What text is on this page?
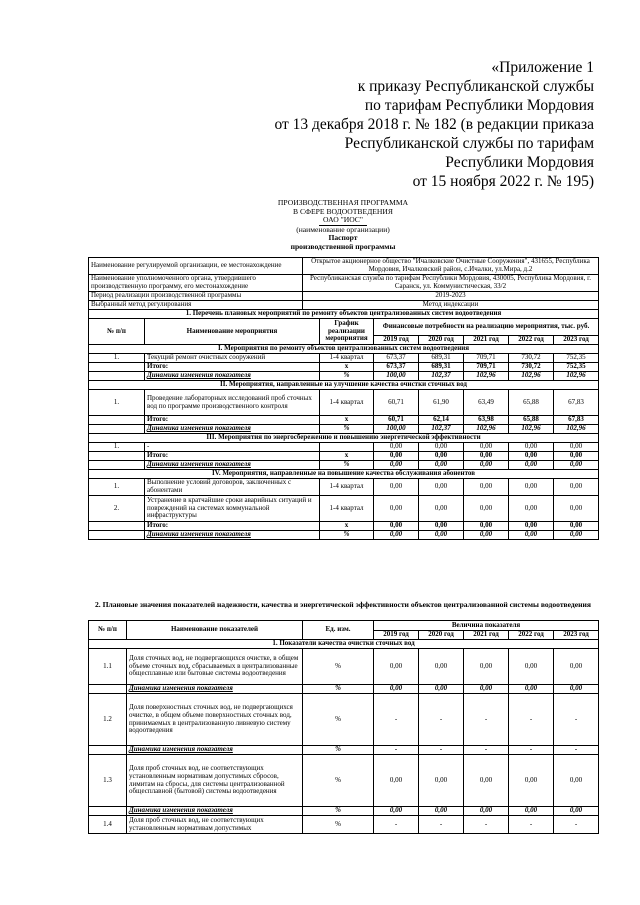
«Приложение 1
к приказу Республиканской службы
по тарифам Республики Мордовия
от 13 декабря 2018 г. № 182 (в редакции приказа
Республиканской службы по тарифам
Республики Мордовия
от 15 ноября 2022 г. № 195)
ПРОИЗВОДСТВЕННАЯ ПРОГРАММА
В СФЕРЕ ВОДООТВЕДЕНИЯ
ОАО "ИОС"
(наименование организации)
Паспорт
производственной программы
Наименование регулируемой организации, ее местонахождение	Открытое акционерное общество "Ичалковские Очистные Сооружения", 431655, Республика Мордовия, Ичалковский район, с.Ичалки, ул.Мира, д.2
Наименование уполномоченного органа, утвердившего производственную программу, его местонахождение	Республиканская служба по тарифам Республики Мордовия, 430005, Республика Мордовия, г. Саранск, ул. Коммунистическая, 33/2
Период реализации производственной программы	2019-2023
Выбранный метод регулирования	Метод индексации
1. Перечень плановых мероприятий по ремонту объектов централизованных систем водоотведения							
№ п/п	Наименование мероприятия	График реализации мероприятия	Финансовые потребности на реализацию мероприятия, тыс. руб.				
			2019 год	2020 год	2021 год	2022 год	2023 год
I. Мероприятия по ремонту объектов централизованных систем водоотведения							
1.	Текущий ремонт очистных сооружений	1-4 квартал	673,37	689,31	709,71	730,72	752,35
	Итого:	х	673,37	689,31	709,71	730,72	752,35
	Динамика изменения показателя	%	100,00	102,37	102,96	102,96	102,96
II. Мероприятия, направленные на улучшение качества очистки сточных вод							
1.	Проведение лабораторных исследований проб сточных вод по программе производственного контроля	1-4 квартал	60,71	61,90	63,49	65,88	67,83
	Итого:	х	60,71	62,14	63,98	65,88	67,83
	Динамика изменения показателя	%	100,00	102,37	102,96	102,96	102,96
III. Мероприятия по энергосбережению и повышению энергетической эффективности							
1.	-		0,00	0,00	0,00	0,00	0,00
	Итого:	х	0,00	0,00	0,00	0,00	0,00
	Динамика изменения показателя	%	0,00	0,00	0,00	0,00	0,00
IV. Мероприятия, направленные на повышение качества обслуживания абонентов							
1.	Выполнение условий договоров, заключенных с абонентами	1-4 квартал	0,00	0,00	0,00	0,00	0,00
2.	Устранение в кратчайшие сроки аварийных ситуаций и повреждений на системах коммунальной инфраструктуры	1-4 квартал	0,00	0,00	0,00	0,00	0,00
	Итого:	х	0,00	0,00	0,00	0,00	0,00
	Динамика изменения показателя	%	0,00	0,00	0,00	0,00	0,00
2. Плановые значения показателей надежности, качества и энергетической эффективности объектов централизованной системы водоотведения
№ п/п	Наименование показателей	Ед. изм.	Величина показателя				
			2019 год	2020 год	2021 год	2022 год	2023 год
1. Показатели качества очистки сточных вод							
1.1	Доля сточных вод, не подвергающихся очистке, в общем объеме сточных вод, сбрасываемых в централизованные общесплавные или бытовые системы водоотведения	%	0,00	0,00	0,00	0,00	0,00
	Динамика изменения показателя	%	0,00	0,00	0,00	0,00	0,00
1.2	Доля поверхностных сточных вод, не подвергающихся очистке, в общем объеме поверхностных сточных вод, принимаемых в централизованную ливневую систему водоотведения	%	-	-	-	-	-
	Динамика изменения показателя	%	-	-	-	-	-
1.3	Доля проб сточных вод, не соответствующих установленным нормативам допустимых сбросов, лимитам на сбросы, для системы централизованной общесплавной (бытовой) системы водоотведения	%	0,00	0,00	0,00	0,00	0,00
	Динамика изменения показателя	%	0,00	0,00	0,00	0,00	0,00
1.4	Доля проб сточных вод, не соответствующих установленным нормативам допустимых	%	-	-	-	-	-
